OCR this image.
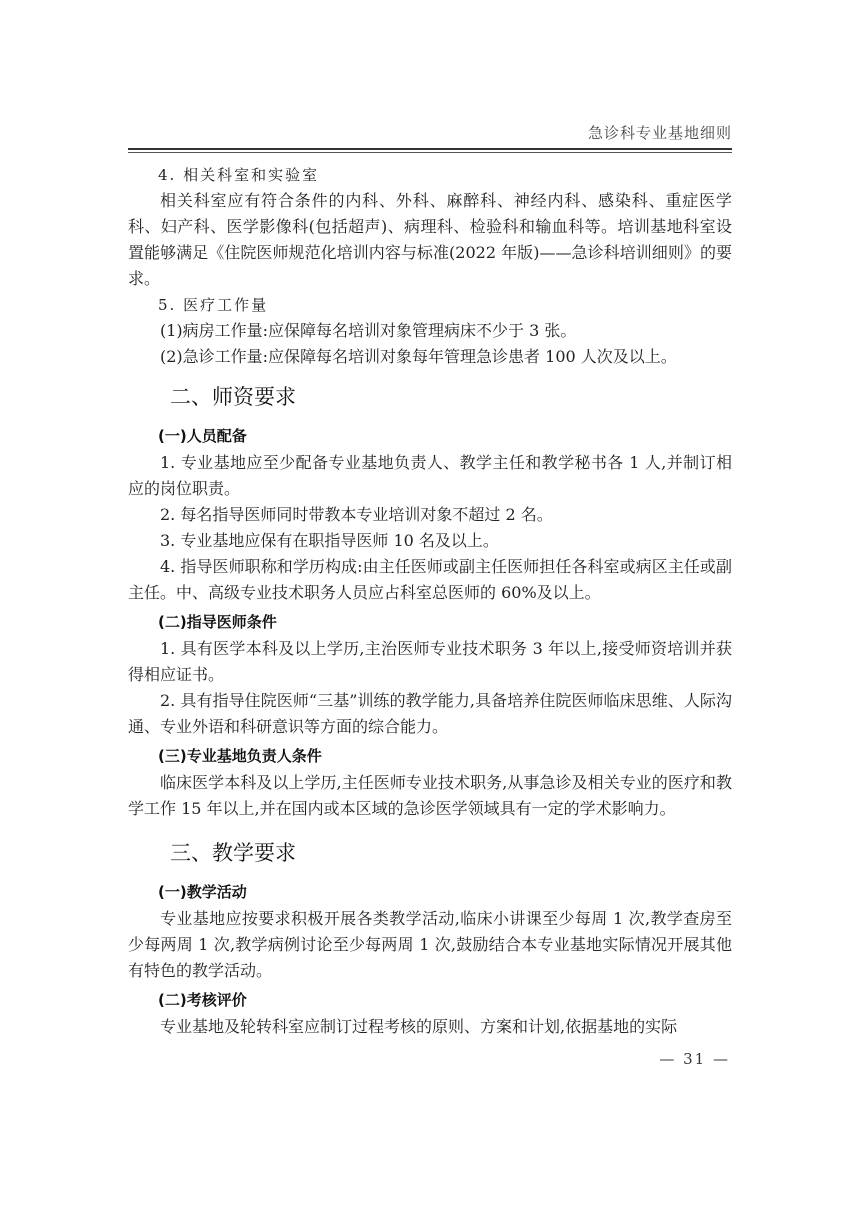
急诊科专业基地细则

4. 相关科室和实验室

相关科室应有符合条件的内科、外科、麻醉科、神经内科、感染科、重症医学科、妇产科、医学影像科(包括超声)、病理科、检验科和输血科等。培训基地科室设置能够满足《住院医师规范化培训内容与标准(2022 年版)——急诊科培训细则》的要求。

5. 医疗工作量

(1)病房工作量:应保障每名培训对象管理病床不少于 3 张。

(2)急诊工作量:应保障每名培训对象每年管理急诊患者 100 人次及以上。

二、师资要求
(一)人员配备

1. 专业基地应至少配备专业基地负责人、教学主任和教学秘书各 1 人,并制订相应的岗位职责。

2. 每名指导医师同时带教本专业培训对象不超过 2 名。

3. 专业基地应保有在职指导医师 10 名及以上。

4. 指导医师职称和学历构成:由主任医师或副主任医师担任各科室或病区主任或副主任。中、高级专业技术职务人员应占科室总医师的 60%及以上。

(二)指导医师条件

1. 具有医学本科及以上学历,主治医师专业技术职务 3 年以上,接受师资培训并获得相应证书。

2. 具有指导住院医师“三基”训练的教学能力,具备培养住院医师临床思维、人际沟通、专业外语和科研意识等方面的综合能力。

(三)专业基地负责人条件

临床医学本科及以上学历,主任医师专业技术职务,从事急诊及相关专业的医疗和教学工作 15 年以上,并在国内或本区域的急诊医学领域具有一定的学术影响力。

三、教学要求
(一)教学活动

专业基地应按要求积极开展各类教学活动,临床小讲课至少每周 1 次,教学查房至少每两周 1 次,教学病例讨论至少每两周 1 次,鼓励结合本专业基地实际情况开展其他有特色的教学活动。

(二)考核评价

专业基地及轮转科室应制订过程考核的原则、方案和计划,依据基地的实际

— 31 —
